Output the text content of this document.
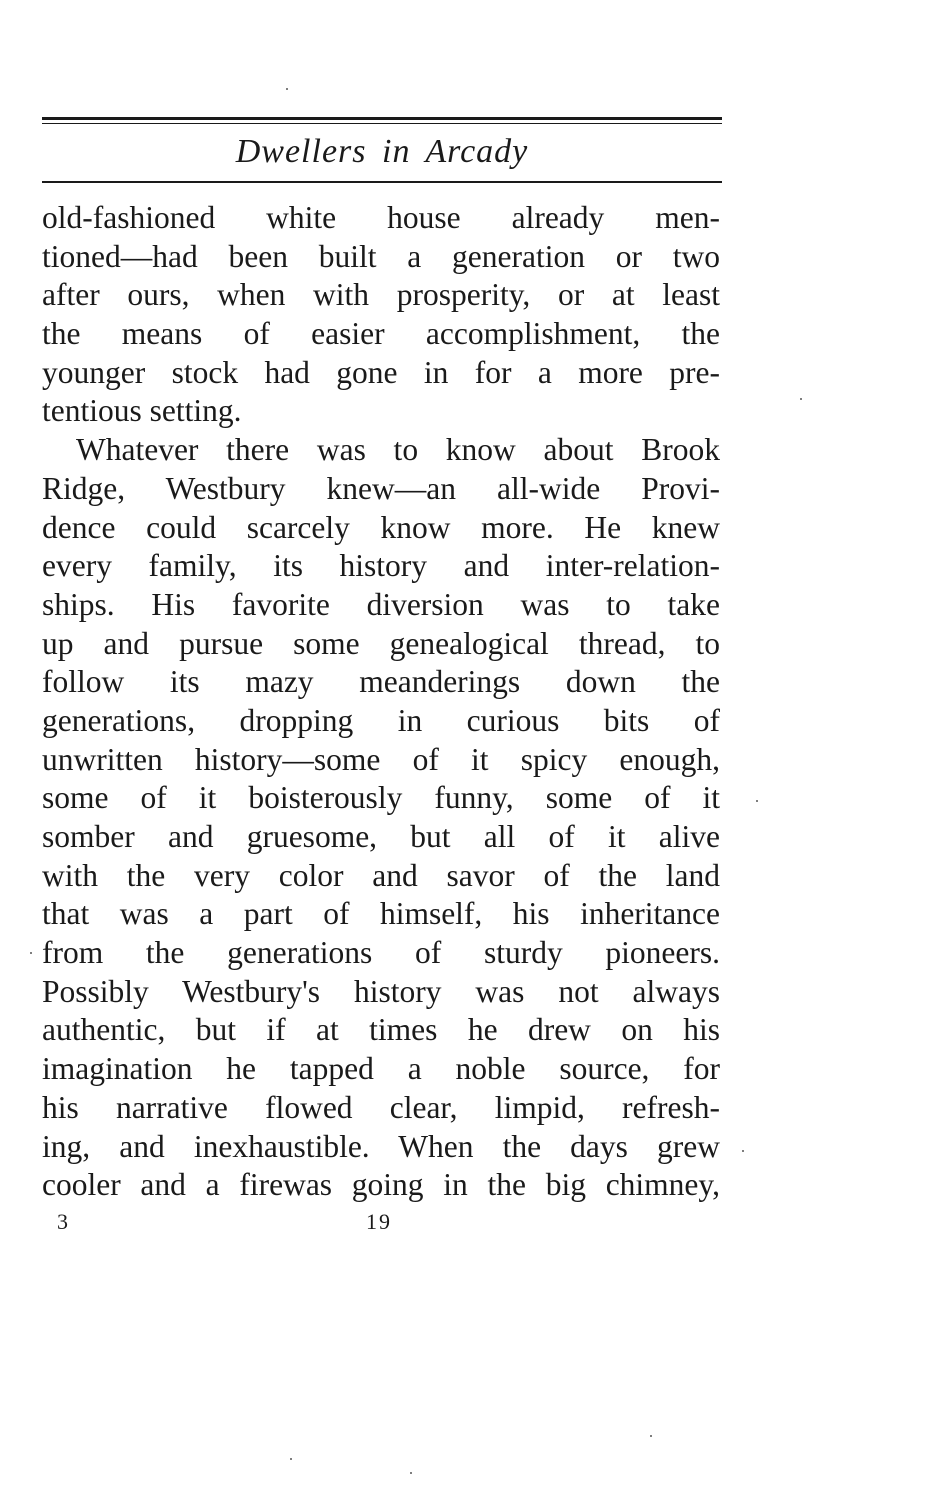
Dwellers in Arcady
old-fashioned white house already men-
tioned—had been built a generation or two
after ours, when with prosperity, or at least
the means of easier accomplishment, the
younger stock had gone in for a more pre-
tentious setting.
Whatever there was to know about Brook
Ridge, Westbury knew—an all-wide Provi-
dence could scarcely know more. He knew
every family, its history and inter-relation-
ships. His favorite diversion was to take
up and pursue some genealogical thread, to
follow its mazy meanderings down the
generations, dropping in curious bits of
unwritten history—some of it spicy enough,
some of it boisterously funny, some of it
somber and gruesome, but all of it alive
with the very color and savor of the land
that was a part of himself, his inheritance
from the generations of sturdy pioneers.
Possibly Westbury's history was not always
authentic, but if at times he drew on his
imagination he tapped a noble source, for
his narrative flowed clear, limpid, refresh-
ing, and inexhaustible. When the days grew
cooler and a firewas going in the big chimney,
3	19
